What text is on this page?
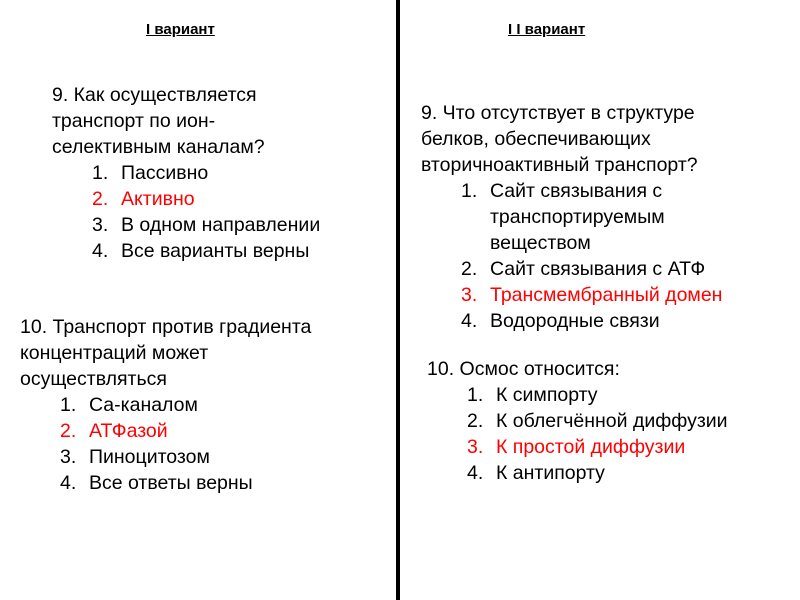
I вариант

9. Как осуществляется
транспорт по ион-
селективным каналам?

1. Пассивно
2. Активно
3. В одном направлении
4. Все варианты верны

10. Транспорт против градиента
концентраций может
осуществляться

1. Са-каналом
2. АТФазой
3. Пиноцитозом
4. Все ответы верны
I I вариант

9. Что отсутствует в структуре
белков, обеспечивающих
вторичноактивный транспорт?

1. Сайт связывания с
транспортируемым
веществом
2. Сайт связывания с АТФ
3. Трансмембранный домен
4. Водородные связи

10. Осмос относится:

1. К симпорту
2. К облегчённой диффузии
3. К простой диффузии
4. К антипорту
